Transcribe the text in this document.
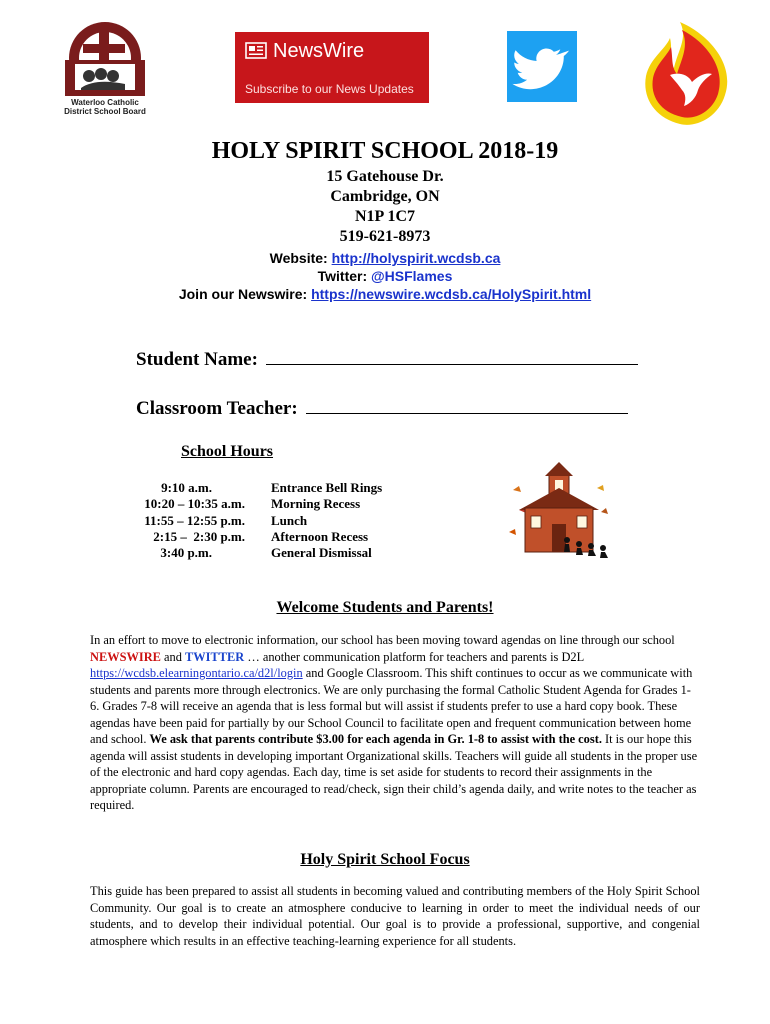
Waterloo Catholic
District School Board
NewsWire
Subscribe to our News Updates
HOLY SPIRIT SCHOOL 2018-19
15 Gatehouse Dr.
Cambridge, ON
N1P 1C7
519-621-8973
Website: http://holyspirit.wcdsb.ca
Twitter: @HSFlames
Join our Newswire: https://newswire.wcdsb.ca/HolySpirit.html
Student Name:
Classroom Teacher:
School Hours
9:10 a.m.
10:20 – 10:35 a.m.
11:55 – 12:55 p.m.
2:15 –  2:30 p.m.
3:40 p.m.
Entrance Bell Rings
Morning Recess
Lunch
Afternoon Recess
General Dismissal
Welcome Students and Parents!
In an effort to move to electronic information, our school has been moving toward agendas on line through our school NEWSWIRE and TWITTER … another communication platform for teachers and parents is D2L https://wcdsb.elearningontario.ca/d2l/login and Google Classroom. This shift continues to occur as we communicate with students and parents more through electronics. We are only purchasing the formal Catholic Student Agenda for Grades 1-6. Grades 7-8 will receive an agenda that is less formal but will assist if students prefer to use a hard copy book. These agendas have been paid for partially by our School Council to facilitate open and frequent communication between home and school. We ask that parents contribute $3.00 for each agenda in Gr. 1-8 to assist with the cost. It is our hope this agenda will assist students in developing important Organizational skills. Teachers will guide all students in the proper use of the electronic and hard copy agendas. Each day, time is set aside for students to record their assignments in the appropriate column. Parents are encouraged to read/check, sign their child’s agenda daily, and write notes to the teacher as required.
Holy Spirit School Focus
This guide has been prepared to assist all students in becoming valued and contributing members of the Holy Spirit School Community. Our goal is to create an atmosphere conducive to learning in order to meet the individual needs of our students, and to develop their individual potential. Our goal is to provide a professional, supportive, and congenial atmosphere which results in an effective teaching-learning experience for all students.
